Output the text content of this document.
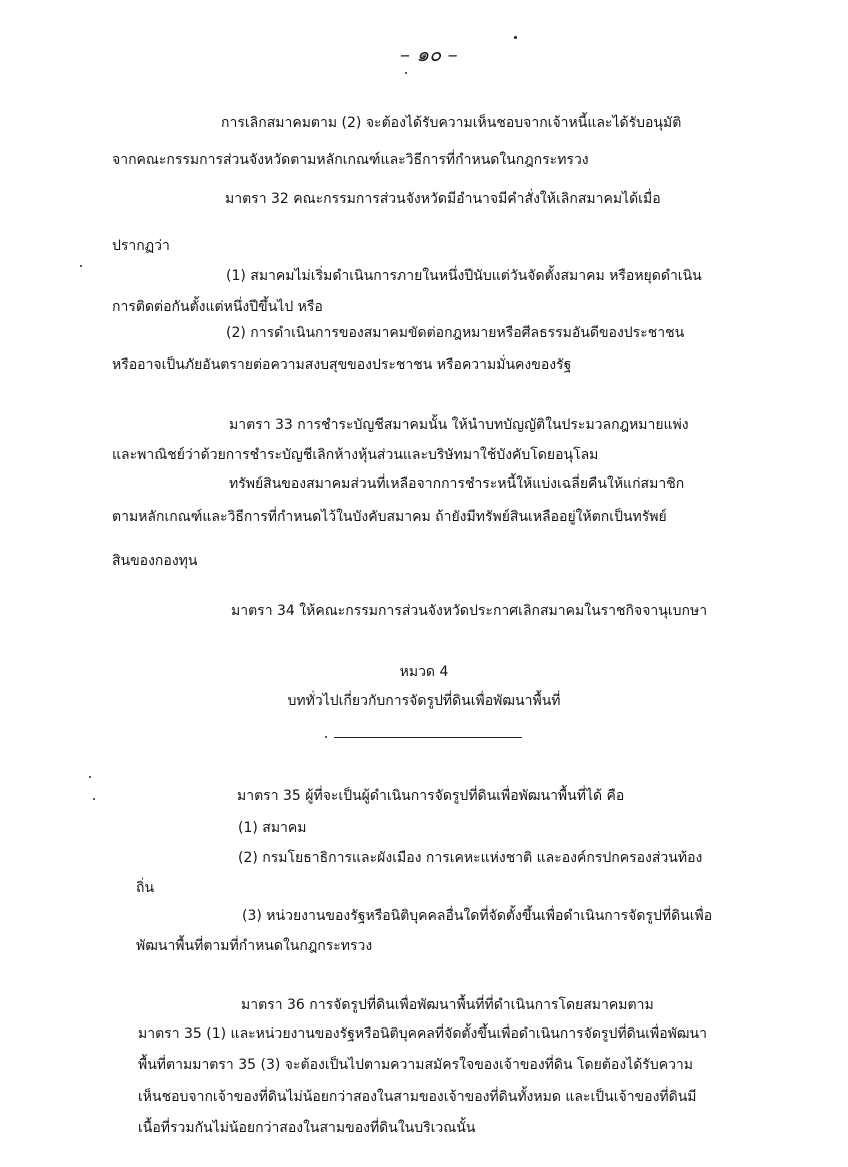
– ๑๐ –
การเลิกสมาคมตาม (2) จะต้องได้รับความเห็นชอบจากเจ้าหนี้และได้รับอนุมัติ
จากคณะกรรมการส่วนจังหวัดตามหลักเกณฑ์และวิธีการที่กำหนดในกฎกระทรวง
มาตรา 32 คณะกรรมการส่วนจังหวัดมีอำนาจมีคำสั่งให้เลิกสมาคมได้เมื่อ
ปรากฏว่า
(1) สมาคมไม่เริ่มดำเนินการภายในหนึ่งปีนับแต่วันจัดตั้งสมาคม หรือหยุดดำเนิน
การติดต่อกันตั้งแต่หนึ่งปีขึ้นไป หรือ
(2) การดำเนินการของสมาคมขัดต่อกฎหมายหรือศีลธรรมอันดีของประชาชน
หรืออาจเป็นภัยอันตรายต่อความสงบสุขของประชาชน หรือความมั่นคงของรัฐ
มาตรา 33 การชำระบัญชีสมาคมนั้น ให้นำบทบัญญัติในประมวลกฎหมายแพ่ง
และพาณิชย์ว่าด้วยการชำระบัญชีเลิกห้างหุ้นส่วนและบริษัทมาใช้บังคับโดยอนุโลม
ทรัพย์สินของสมาคมส่วนที่เหลือจากการชำระหนี้ให้แบ่งเฉลี่ยคืนให้แก่สมาชิก
ตามหลักเกณฑ์และวิธีการที่กำหนดไว้ในบังคับสมาคม ถ้ายังมีทรัพย์สินเหลืออยู่ให้ตกเป็นทรัพย์
สินของกองทุน
มาตรา 34 ให้คณะกรรมการส่วนจังหวัดประกาศเลิกสมาคมในราชกิจจานุเบกษา
หมวด 4
บททั่วไปเกี่ยวกับการจัดรูปที่ดินเพื่อพัฒนาพื้นที่
มาตรา 35 ผู้ที่จะเป็นผู้ดำเนินการจัดรูปที่ดินเพื่อพัฒนาพื้นที่ได้ คือ
(1) สมาคม
(2) กรมโยธาธิการและผังเมือง การเคหะแห่งชาติ และองค์กรปกครองส่วนท้อง
ถิ่น
(3) หน่วยงานของรัฐหรือนิติบุคคลอื่นใดที่จัดตั้งขึ้นเพื่อดำเนินการจัดรูปที่ดินเพื่อ
พัฒนาพื้นที่ตามที่กำหนดในกฎกระทรวง
มาตรา 36 การจัดรูปที่ดินเพื่อพัฒนาพื้นที่ที่ดำเนินการโดยสมาคมตาม
มาตรา 35 (1) และหน่วยงานของรัฐหรือนิติบุคคลที่จัดตั้งขึ้นเพื่อดำเนินการจัดรูปที่ดินเพื่อพัฒนา
พื้นที่ตามมาตรา 35 (3) จะต้องเป็นไปตามความสมัครใจของเจ้าของที่ดิน โดยต้องได้รับความ
เห็นชอบจากเจ้าของที่ดินไม่น้อยกว่าสองในสามของเจ้าของที่ดินทั้งหมด และเป็นเจ้าของที่ดินมี
เนื้อที่รวมกันไม่น้อยกว่าสองในสามของที่ดินในบริเวณนั้น
